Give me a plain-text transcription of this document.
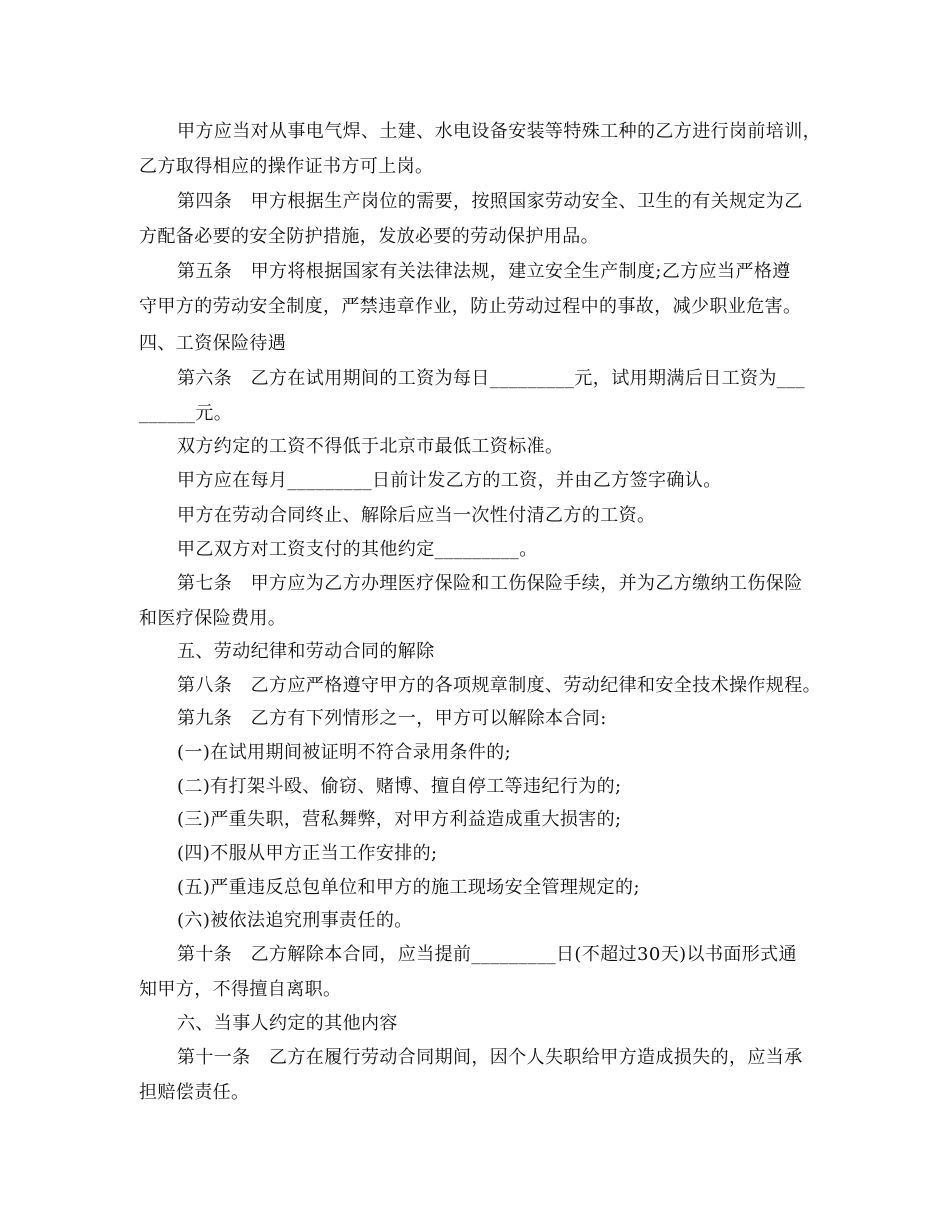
甲方应当对从事电气焊、土建、水电设备安装等特殊工种的乙方进行岗前培训，
乙方取得相应的操作证书方可上岗。
第四条　甲方根据生产岗位的需要，按照国家劳动安全、卫生的有关规定为乙
方配备必要的安全防护措施，发放必要的劳动保护用品。
第五条　甲方将根据国家有关法律法规，建立安全生产制度;乙方应当严格遵
守甲方的劳动安全制度，严禁违章作业，防止劳动过程中的事故，减少职业危害。
四、工资保险待遇
第六条　乙方在试用期间的工资为每日_________元，试用期满后日工资为___
______元。
双方约定的工资不得低于北京市最低工资标准。
甲方应在每月_________日前计发乙方的工资，并由乙方签字确认。
甲方在劳动合同终止、解除后应当一次性付清乙方的工资。
甲乙双方对工资支付的其他约定_________。
第七条　甲方应为乙方办理医疗保险和工伤保险手续，并为乙方缴纳工伤保险
和医疗保险费用。
五、劳动纪律和劳动合同的解除
第八条　乙方应严格遵守甲方的各项规章制度、劳动纪律和安全技术操作规程。
第九条　乙方有下列情形之一，甲方可以解除本合同:
(一)在试用期间被证明不符合录用条件的;
(二)有打架斗殴、偷窃、赌博、擅自停工等违纪行为的;
(三)严重失职，营私舞弊，对甲方利益造成重大损害的;
(四)不服从甲方正当工作安排的;
(五)严重违反总包单位和甲方的施工现场安全管理规定的;
(六)被依法追究刑事责任的。
第十条　乙方解除本合同，应当提前_________日(不超过30天)以书面形式通
知甲方，不得擅自离职。
六、当事人约定的其他内容
第十一条　乙方在履行劳动合同期间，因个人失职给甲方造成损失的，应当承
担赔偿责任。
